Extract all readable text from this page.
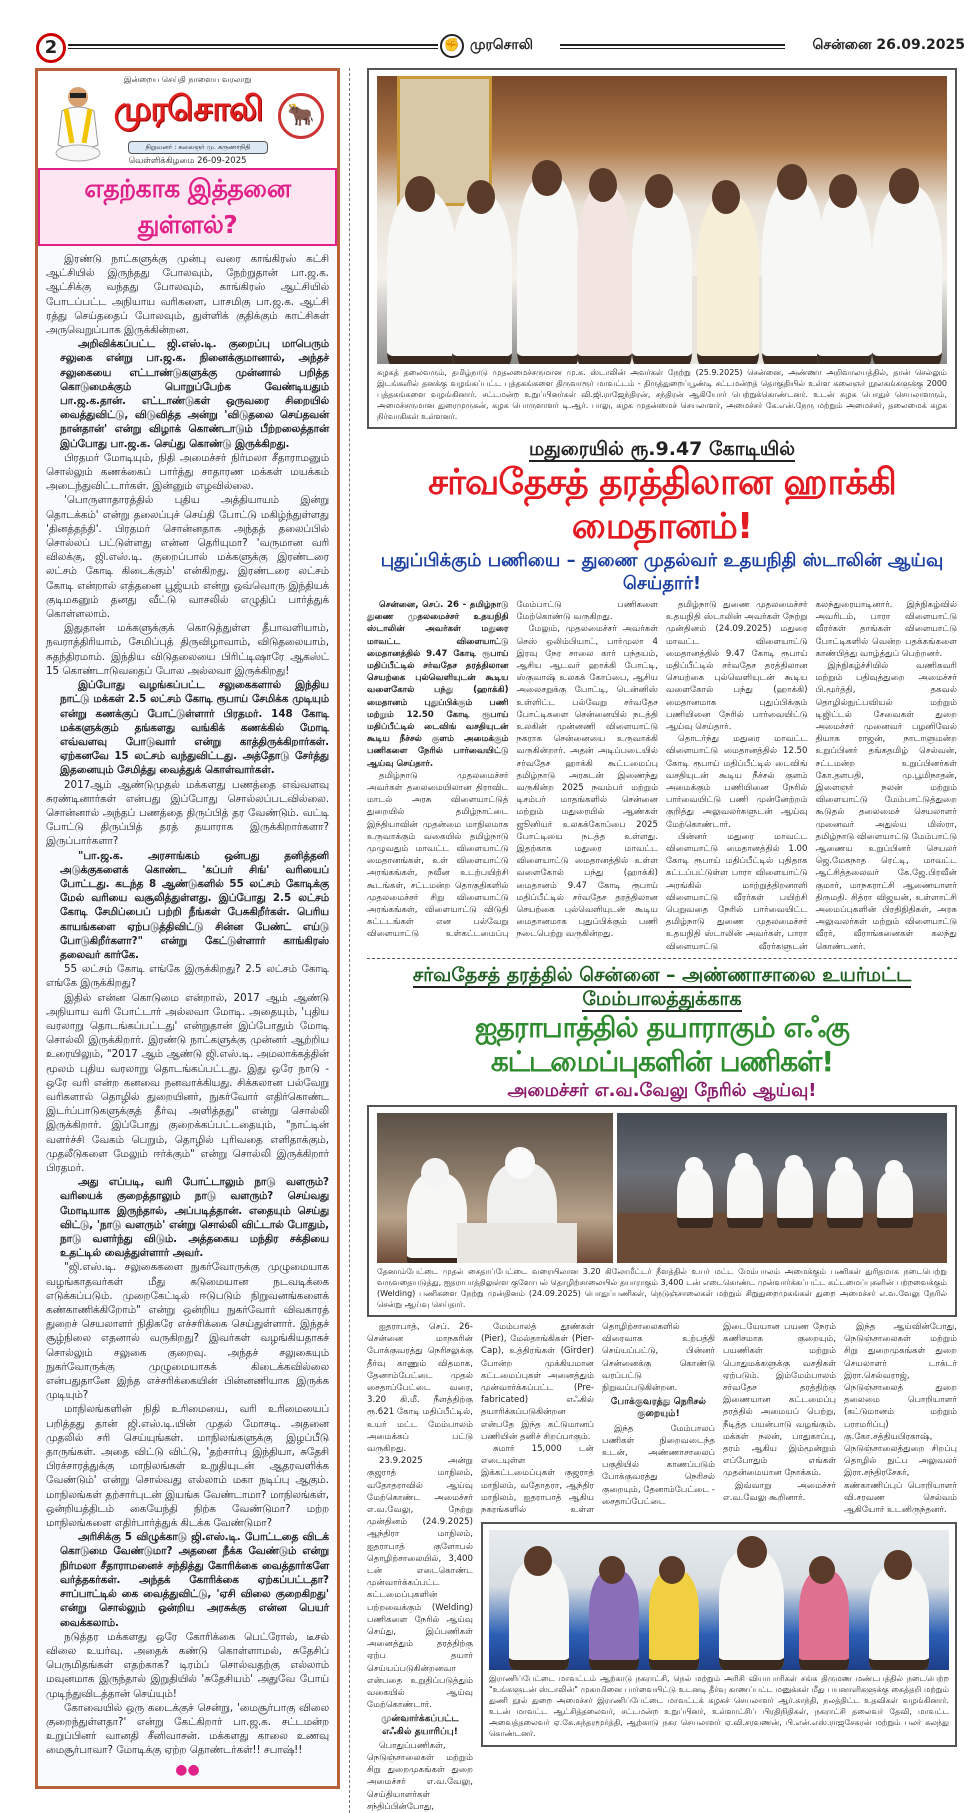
2	✊ முரசொலி	சென்னை 26.09.2025
இன்றைய செய்தி நாளைய வரலாறு
முரசொலி	🐂
நிறுவனர் : கலைஞர் மு. கருணாநிதி
வெள்ளிக்கிழமை 26-09-2025
எதற்காக இத்தனை துள்ளல்?

இரண்டு நாட்களுக்கு முன்பு வரை காங்கிரஸ் கட்சி ஆட்சியில் இருந்தது போலவும், நேற்றுதான் பா.ஜ.க. ஆட்சிக்கு வந்தது போலவும், காங்கிரஸ் ஆட்சியில் போடப்பட்ட அநியாய வரிகளை, பாசமிகு பா.ஜ.க. ஆட்சி ரத்து செய்ததைப் போலவும், துள்ளிக் குதிக்கும் காட்சிகள் அருவெறுப்பாக இருக்கின்றன.

அறிவிக்கப்பட்ட ஜி.எஸ்.டி. குறைப்பு மாபெரும் சலுகை என்று பா.ஜ.க. நினைக்குமானால், அந்தச் சலுகையை எட்டாண்டுகளுக்கு முன்னால் பறித்த கொடுமைக்கும் பொறுப்பேற்க வேண்டியதும் பா.ஜ.க.தான். எட்டாண்டுகள் ஒருவரை சிறையில் வைத்துவிட்டு, விடுவித்த அன்று 'விடுதலை செய்தவன் நான்தான்' என்று விழாக் கொண்டாடும் பீற்றலைத்தான் இப்போது பா.ஜ.க. செய்து கொண்டு இருக்கிறது.

பிரதமர் மோடியும், நிதி அமைச்சர் நிர்மலா சீதாராமனும் சொல்லும் கணக்கைப் பார்த்து சாதாரண மக்கள் மயக்கம் அடைந்துவிட்டார்கள். இன்னும் எழவில்லை.

'பொருளாதாரத்தில் புதிய அத்தியாயம் இன்று தொடக்கம்' என்று தலைப்புச் செய்தி போட்டு மகிழ்ந்துள்ளது 'தினத்தந்தி'. பிரதமர் சொன்னதாக அந்தத் தலைப்பில் சொல்லப் பட்டுள்ளது என்ன தெரியுமா? 'வருமான வரி விலக்கு, ஜி.எஸ்.டி. குறைப்பால் மக்களுக்கு இரண்டரை லட்சம் கோடி கிடைக்கும்' என்கிறது. இரண்டரை லட்சம் கோடி என்றால் எத்தனை பூஜ்யம் என்று ஒவ்வொரு இந்தியக் குடிமகனும் தனது வீட்டு வாசலில் எழுதிப் பார்த்துக் கொள்ளலாம்.

இதுதான் மக்களுக்குக் கொடுத்துள்ள தீபாவளியாம், நவராத்திரியாம், சேமிப்புத் திருவிழாவாம், விடுதலையாம், சுதந்திரமாம். இந்திய விடுதலையை பிரிட்டிஷாரே ஆகஸ்ட் 15 கொண்டாடுவதைப் போல அல்லவா இருக்கிறது!

இப்போது வழங்கப்பட்ட சலுகைகளால் இந்திய நாட்டு மக்கள் 2.5 லட்சம் கோடி ரூபாய் சேமிக்க முடியும் என்று கணக்குப் போட்டுள்ளார் பிரதமர். 148 கோடி மக்களுக்கும் தங்களது வங்கிக் கணக்கில் மோடி எவ்வளவு போடுவார் என்று காத்திருக்கிறார்கள். ஏற்கனவே 15 லட்சம் வந்துவிட்டது. அத்தோடு சேர்த்து இதனையும் சேமித்து வைத்துக் கொள்வார்கள்.

2017ஆம் ஆண்டுமுதல் மக்களது பணத்தை எவ்வளவு சுரண்டினார்கள் என்பது இப்போது சொல்லப்படவில்லை. சொன்னால் அந்தப் பணத்தை திருப்பித் தர வேண்டும். வட்டி போட்டு திருப்பித் தரத் தயாராக இருக்கிறார்களா? இருப்பார்களா?

"பா.ஜ.க. அரசாங்கம் ஒன்பது தனித்தனி அடுக்குகளைக் கொண்ட 'கப்பர் சிங்' வரியைப் போட்டது. கடந்த 8 ஆண்டுகளில் 55 லட்சம் கோடிக்கு மேல் வரியை வசூலித்துள்ளது. இப்போது 2.5 லட்சம் கோடி சேமிப்பைப் பற்றி நீங்கள் பேசுகிறீர்கள். பெரிய காயங்களை ஏற்படுத்திவிட்டு சின்ன பேண்ட் எய்டு போடுகிறீர்களா?" என்று கேட்டுள்ளார் காங்கிரஸ் தலைவர் கார்கே.

55 லட்சம் கோடி எங்கே இருக்கிறது? 2.5 லட்சம் கோடி எங்கே இருக்கிறது?

இதில் என்ன கொடுமை என்றால், 2017 ஆம் ஆண்டு அநியாய வரி போட்டார் அல்லவா மோடி. அதையும், 'புதிய வரலாறு தொடங்கப்பட்டது' என்றுதான் இப்போதும் மோடி சொல்லி இருக்கிறார். இரண்டு நாட்களுக்கு முன்னர் ஆற்றிய உரையிலும், "2017 ஆம் ஆண்டு ஜி.எஸ்.டி. அமலாக்கத்தின் மூலம் புதிய வரலாறு தொடங்கப்பட்டது. இது ஒரே நாடு - ஒரே வரி என்ற கனவை நனவாக்கியது. சிக்கலான பல்வேறு வரிகளால் தொழில் துறையினர், நுகர்வோர் எதிர்கொண்ட இடர்ப்பாடுகளுக்குத் தீர்வு அளித்தது" என்று சொல்லி இருக்கிறார். இப்போது குறைக்கப்பட்டதையும், "நாட்டின் வளர்ச்சி வேகம் பெறும், தொழில் புரிவதை எளிதாக்கும், முதலீடுகளை மேலும் ஈர்க்கும்" என்று சொல்லி இருக்கிறார் பிரதமர்.

அது எப்படி, வரி போட்டாலும் நாடு வளரும்? வரியைக் குறைத்தாலும் நாடு வளரும்? செய்வது மோடியாக இருந்தால், அப்படித்தான். எதையும் செய்து விட்டு, 'நாடு வளரும்' என்று சொல்லி விட்டால் போதும், நாடு வளர்ந்து விடும். அத்தகைய மந்திர சக்தியை உதட்டில் வைத்துள்ளார் அவர்.

"ஜி.எஸ்.டி. சலுகைகளை நுகர்வோருக்கு முழுமையாக வழங்காதவர்கள் மீது கடுமையான நடவடிக்கை எடுக்கப்படும். முறைகேட்டில் ஈடுபடும் நிறுவனங்களைக் கண்காணிக்கிறோம்" என்று ஒன்றிய நுகர்வோர் விவகாரத் துறைச் செயலாளர் நிதிகரே எச்சரிக்கை செய்துள்ளார். இந்தச் சூழ்நிலை எதனால் வருகிறது? இவர்கள் வழங்கியதாகச் சொல்லும் சலுகை குறைவு. அந்தச் சலுகையும் நுகர்வோருக்கு முழுமையாகக் கிடைக்கவில்லை என்பதுதானே இந்த எச்சரிக்கையின் பின்னணியாக இருக்க முடியும்?

மாநிலங்களின் நிதி உரிமையை, வரி உரிமையைப் பறித்தது தான் ஜி.எஸ்.டி.யின் முதல் மோசடி. அதனை முதலில் சரி செய்யுங்கள். மாநிலங்களுக்கு இழப்பீடு தாருங்கள். அதை விட்டு விட்டு, 'தற்சார்பு இந்தியா, சுதேசி பிரச்சாரத்துக்கு மாநிலங்கள் உறுதியுடன் ஆதரவளிக்க வேண்டும்' என்று சொல்வது எல்லாம் மகா நடிப்பு ஆகும். மாநிலங்கள் தற்சார்புடன் இயங்க வேண்டாமா? மாநிலங்கள், ஒன்றியத்திடம் கையேந்தி நிற்க வேண்டுமா? மற்ற மாநிலங்களை எதிர்பார்த்துக் கிடக்க வேண்டுமா?

அரிசிக்கு 5 விழுக்காடு ஜி.எஸ்.டி. போட்டதை விடக் கொடுமை வேண்டுமா? அதனை நீக்க வேண்டும் என்று நிர்மலா சீதாராமனைச் சந்தித்து கோரிக்கை வைத்தார்களே வர்த்தகர்கள். அந்தக் கோரிக்கை ஏற்கப்பட்டதா? சாப்பாட்டில் கை வைத்துவிட்டு, 'ஏசி விலை குறைகிறது' என்று சொல்லும் ஒன்றிய அரசுக்கு என்ன பெயர் வைக்கலாம்.

நடுத்தர மக்களது ஒரே கோரிக்கை பெட்ரோல், டீசல் விலை உயர்வு. அதைக் கண்டு கொள்ளாமல், சுதேசிப் பெருமிதங்கள் எதற்காக? டிரம்ப் சொல்வதற்கு எல்லாம் மவுனமாக இருந்தால் இறுதியில் 'சுதேசியம்' அதுவே போய் முடிந்துவிடத்தான் செய்யும்!

கோவையில் ஒரு கடைக்குச் சென்று, 'மைசூர்பாகு விலை குறைந்துள்ளதா?' என்று கேட்கிறார் பா.ஜ.க. சட்டமன்ற உறுப்பினர் வானதி சீனிவாசன். மக்களது காலை உணவு மைசூர்பாவா? மோடிக்கு ஏற்ற தொண்டர்கள்!! சபாஷ்!!

●●
கழகத் தலைவரும், தமிழ்நாடு முதலமைச்சருமான மு.க. ஸ்டாலின் அவர்கள் நேற்று (25.9.2025) சென்னை, அண்ணா அறிவாலயத்தில், தான் செல்லும் இடங்களில் தனக்கு வழங்கப்பட்ட புத்தகங்களை திருவாரூர் மாவட்டம் - திருத்துறைப்பூண்டி சட்டமன்றத் தொகுதியில் உள்ள கலைஞர் நூலகங்களுக்கு 2000 புத்தகங்களை வழங்கினார். சட்டமன்ற உறுப்பினர்கள் வி.ஜி.ராஜேந்திரன், சந்திரன் ஆகியோர் பெற்றுக்கொண்டனர். உடன் கழக பொதுச் செயலாளரும், அமைச்சருமான துரைமுருகன், கழக பொருளாளர் டி.ஆர். பாலு, கழக முதன்மைச் செயலாளர், அமைச்சர் கே.என்.நேரு மற்றும் அமைச்சர், தலைமைக் கழக நிர்வாகிகள் உள்ளனர்.
மதுரையில் ரூ.9.47 கோடியில்
சர்வதேசத் தரத்திலான ஹாக்கி மைதானம்!
புதுப்பிக்கும் பணியை – துணை முதல்வர் உதயநிதி ஸ்டாலின் ஆய்வு செய்தார்!

சென்னை, செப். 26 - தமிழ்நாடு துணை முதலமைச்சர் உதயநிதி ஸ்டாலின் அவர்கள் மதுரை மாவட்ட விளையாட்டு மைதானத்தில் 9.47 கோடி ரூபாய் மதிப்பீட்டில் சர்வதேச தரத்திலான செயற்கை புல்வெளியுடன் கூடிய வளைகோல் பந்து (ஹாக்கி) மைதானம் புதுப்பிக்கும் பணி மற்றும் 12.50 கோடி ரூபாய் மதிப்பீட்டில் டைவிங் வசதியுடன் கூடிய நீச்சல் குளம் அமைக்கும் பணிகளை நேரில் பார்வையிட்டு ஆய்வு செய்தார்.

தமிழ்நாடு முதலமைச்சர் அவர்கள் தலைமையிலான திராவிட மாடல் அரசு விளையாட்டுத் துறையில் தமிழ்நாட்டை இந்தியாவின் முதன்மை மாநிலமாக உருவாக்கும் வகையில் தமிழ்நாடு முழுவதும் மாவட்ட விளையாட்டு மைதானங்கள், உள் விளையாட்டு அரங்கங்கள், நவீன உடற்பயிற்சி கூடங்கள், சட்டமன்ற தொகுதிகளில் முதலமைச்சர் சிறு விளையாட்டு அரங்கங்கள், விளையாட்டு விடுதி கட்டடங்கள் என பல்வேறு விளையாட்டு உள்கட்டமைப்பு மேம்பாட்டு பணிகளை மேற்கொண்டு வருகிறது.

மேலும், முதலமைச்சர் அவர்கள் செஸ் ஒலிம்பியாட், பார்முலா 4 இரவு நேர சாலை கார் பந்தயம், ஆசிய ஆடவர் ஹாக்கி போட்டி, ஸ்குவாஷ் உலகக் கோப்பை, ஆசிய அலைசறுக்கு போட்டி, டென்னிஸ் உள்ளிட்ட பல்வேறு சர்வதேச போட்டிகளை சென்னையில் நடத்தி உலகின் முன்னணி விளையாட்டு நகராக சென்னையை உருவாக்கி வருகின்றார். அதன் அடிப்படையில் சர்வதேச ஹாக்கி கூட்டமைப்பு தமிழ்நாடு அரசுடன் இணைந்து வருகின்ற 2025 நவம்பர் மற்றும் டிசம்பர் மாதங்களில் சென்னை மற்றும் மதுரையில் ஆண்கள் ஜூனியர் உலகக்கோப்பை 2025 போட்டியை நடத்த உள்ளது. இதற்காக மதுரை மாவட்ட விளையாட்டு மைதானத்தில் உள்ள வளைகோல் பந்து (ஹாக்கி) மைதானம் 9.47 கோடி ரூபாய் மதிப்பீட்டில் சர்வதேச தரத்திலான செயற்கை புல்வெளியுடன் கூடிய மைதானமாக புதுப்பிக்கும் பணி நடைபெற்று வருகின்றது.

தமிழ்நாடு துணை முதலமைச்சர் உதயநிதி ஸ்டாலின் அவர்கள் நேற்று முன்தினம் (24.09.2025) மதுரை மாவட்ட விளையாட்டு மைதானத்தில் 9.47 கோடி ரூபாய் மதிப்பீட்டில் சர்வதேச தரத்திலான செயற்கை புல்வெளியுடன் கூடிய வளைகோல் பந்து (ஹாக்கி) மைதானமாக புதுப்பிக்கும் பணியினை நேரில் பார்வையிட்டு ஆய்வு செய்தார்.

தொடர்ந்து மதுரை மாவட்ட விளையாட்டு மைதானத்தில் 12.50 கோடி ரூபாய் மதிப்பீட்டில் டைவிங் வசதியுடன் கூடிய நீச்சல் குளம் அமைக்கும் பணியினை நேரில் பார்வையிட்டு பணி முன்னேற்றம் குறித்து அலுவலர்களுடன் ஆய்வு மேற்கொண்டார்.

பின்னர் மதுரை மாவட்ட விளையாட்டு மைதானத்தில் 1.00 கோடி ரூபாய் மதிப்பீட்டில் புதிதாக கட்டப்பட்டுள்ள பாரா விளையாட்டு அரங்கில் மாற்றுத்திறனாளி விளையாட்டு வீரர்கள் பயிற்சி பெறுவதை நேரில் பார்வையிட்ட தமிழ்நாடு துணை முதலமைச்சர் உதயநிதி ஸ்டாலின் அவர்கள், பாரா விளையாட்டு வீரர்களுடன் கலந்துரையாடினார். இந்நிகழ்வில் அவரிடம், பாரா விளையாட்டு வீரர்கள் தாங்கள் விளையாட்டு போட்டிகளில் வென்ற பதக்கங்களை காண்பித்து வாழ்த்துப் பெற்றனர்.

இந்நிகழ்ச்சியில் வணிகவரி மற்றும் பதிவுத்துறை அமைச்சர் பி.மூர்த்தி, தகவல் தொழில்நுட்பவியல் மற்றும் டிஜிட்டல் சேவைகள் துறை அமைச்சர் முனைவர் பழனிவேல் தியாக ராஜன், நாடாளுமன்ற உறுப்பினர் தங்கதமிழ் செல்வன், சட்டமன்ற உறுப்பினர்கள் கோ.தளபதி, மு.பூமிநாதன், இளைஞர் நலன் மற்றும் விளையாட்டு மேம்பாட்டுத்துறை கூடுதல் தலைமைச் செயலாளர் முனைவர் அதுல்ய மிஸ்ரா, தமிழ்நாடு விளையாட்டு மேம்பாட்டு ஆணைய உறுப்பினர் செயலர் ஜெ.மேகநாத ரெட்டி, மாவட்ட ஆட்சித்தலைவர் கே.ஜே.பிரவீன் குமார், மாநகராட்சி ஆணையாளர் திருமதி. சித்ரா விஜயன், உள்ளாட்சி அமைப்புகளின் பிரதிநிதிகள், அரசு அலுவலர்கள் மற்றும் விளையாட்டு வீரர், வீராங்கனைகள் கலந்து கொண்டனர்.

சர்வதேசத் தரத்தில் சென்னை – அண்ணாசாலை உயர்மட்ட மேம்பாலத்துக்காக
ஐதராபாத்தில் தயாராகும் எஃகு கட்டமைப்புகளின் பணிகள்!
அமைச்சர் எ.வ.வேலு நேரில் ஆய்வு!
தேனாம்பேட்டை முதல் சைதாப்பேட்டை வரையிலான 3.20 கிலோமீட்டர் நீளத்தில் உயர் மட்ட மேம்பாலம் அமைக்கும் பணிகள் துரிதமாக நடைபெற்று வருவதையடுத்து, ஐதராபாத்திலுள்ள குளோபல் தொழிற்சாலையில் தயாராகும் 3,400 டன் எடைகொண்ட முன்வார்க்கப்பட்ட கட்டமைப்புகளின் பற்றவைக்கும் (Welding) பணிகளை நேற்று முன்தினம் (24.09.2025) பொதுப்பணிகள், நெடுஞ்சாலைகள் மற்றும் சிறுதுறைமுகங்கள் துறை அமைச்சர் எ.வ.வேலு நேரில் சென்று ஆய்வு செய்தார்.

ஐதராபாத், செப். 26- சென்னை மாநகரின் போக்குவரத்து நெரிசலுக்கு தீர்வு காணும் விதமாக, தேனாம்பேட்டை முதல் சைதாப்பேட்டை வரை, 3.20 கி.மீ. நீளத்திற்கு ரூ.621 கோடி மதிப்பீட்டில், உயர் மட்ட மேம்பாலம் அமைக்கப் பட்டு வருகிறது.

23.9.2025 அன்று குஜராத் மாநிலம், வதோதராவில் ஆய்வு மேற்கொண்ட அமைச்சர் எ.வ.வேலு, நேற்று முன்தினம் (24.9.2025) ஆந்திரா மாநிலம், ஐதராபாத் குளோபல் தொழிற்சாலையில், 3,400 டன் எடைகொண்ட முன்வார்க்கப்பட்ட கட்டமைப்புகளின் பற்றவைக்கும் (Welding) பணிகளை நேரில் ஆய்வு செய்து, இப்பணிகள் அனைத்தும் தரத்திற்கு ஏற்ப தயார் செய்யப்படுகின்றனவா என்பதை உறுதிப்படுத்தும் வகையில் ஆய்வு மேற்கொண்டார்.

முன்வார்க்கப்பட்ட எஃகில் தயாரிப்பு!

பொதுப்பணிகள், நெடுஞ்சாலைகள் மற்றும் சிறு துறைமுகங்கள் துறை அமைச்சர் எ.வ.வேலு, செய்தியாளர்கள் சந்திப்பின்போது,

மேம்பாலத் தூண்கள் (Pier), மேல்தாங்கிகள் (Pier-Cap), உத்திரங்கள் (Girder) போன்ற முக்கியமான கட்டமைப்புகள் அனைத்தும் முன்வார்க்கப்பட்ட (Pre-fabricated) எஃகில் தயாரிக்கப்படுகின்றன என்பதே இந்த கட்டுமானப் பணியின் தனிச் சிறப்பாகும்.

சுமார் 15,000 டன் எடையுள்ள இக்கட்டமைப்புகள் குஜராத் மாநிலம், வதோதரா, ஆந்திர மாநிலம், ஐதராபாத் ஆகிய நகரங்களில் உள்ள தொழிற்சாலைகளில் விரைவாக உற்பத்தி செய்யப்பட்டு, பின்னர் சென்னைக்கு கொண்டு வரப்பட்டு நிறுவப்படுகின்றன.

போக்குவரத்து நெரிசல் குறையும்!

இந்த மேம்பாலப் பணிகள் நிறைவடைந்த உடன், அண்ணாசாலைப் பகுதியில் காணப்படும் போக்குவரத்து நெரிசல் குறையும், தேனாம்பேட்டை - சைதாப்பேட்டை இடையேயான பயண நேரம் கணிசமாக குறையும், பயணிகள் மற்றும் பொதுமக்களுக்கு வசதிகள் ஏற்படும். இம்மேம்பாலம் சர்வதேச தரத்திற்கு இணையான கட்டமைப்பு தரத்தில் அமையப் பெற்று, நீடித்த பயன்பாடு வழங்கும். மக்கள் நலன், பாதுகாப்பு, தரம் ஆகிய இம்மூன்றும் எப்போதும் எங்கள் முதன்மையான நோக்கம்.

இவ்வாறு அமைச்சர் எ.வ.வேலு கூறினார்.

இந்த ஆய்வின்போது, நெடுஞ்சாலைகள் மற்றும் சிறு துறைமுகங்கள் துறை செயலாளர் டாக்டர் இரா.செல்வராஜ், நெடுஞ்சாலைத் துறை தலைமை பொறியாளர் (கட்டுமானம் மற்றும் பராமரிப்பு) கு.கோ.சத்தியபிரகாஷ், நெடுஞ்சாலைத்துறை சிறப்பு தொழில் நுட்ப அலுவலர் இரா.சந்திரசேகர், கண்காணிப்புப் பொறியாளர் வி.சரவண செல்வம் ஆகியோர் உடனிருந்தனர்.

இராணிப்பேட்டை மாவட்டம் ஆற்காடு நகராட்சி, நெல் மற்றும் அரிசி வியாபாரிகள் சங்க திருமண மண்டபத்தில் நடைபெற்ற "உங்களுடன் ஸ்டாலின்" முகாமினை பார்வையிட்டு உடனடி தீர்வு காணப்பட்ட மனுக்கள் மீது பயனாளிகளுக்கு கைத்தறி மற்றும் துணி நூல் துறை அமைச்சர் இராணிப்பேட்டை மாவட்டக் கழகச் செயலாளர் ஆர்.காந்தி, நலத்திட்ட உதவிகள் வழங்கினார். உடன் மாவட்ட ஆட்சித்தலைவர், சட்டமன்ற உறுப்பினர், உள்ளாட்சிப் பிரதிநிதிகள், நகராட்சி தலைவர் தேவி, மாவட்ட அவைத்தலைவர் ஏ.கே.சுந்தரமூர்த்தி, ஆற்காடு நகர செயலாளர் ஏ.வி.சரவணன், பி.என்.எஸ்.ராஜசேகரன் மற்றும் பலர் கலந்து கொண்டனர்.
